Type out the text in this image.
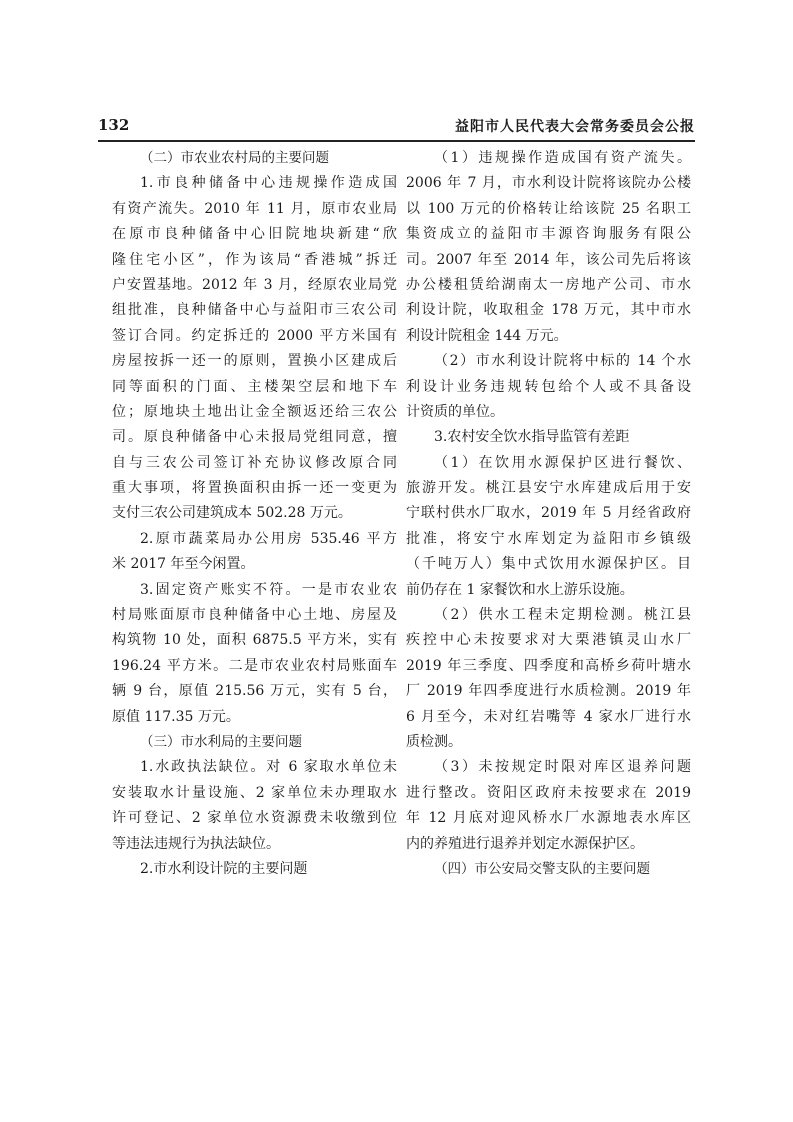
132	益阳市人民代表大会常务委员会公报
（二）市农业农村局的主要问题
1.市良种储备中心违规操作造成国
有资产流失。2010 年 11 月，原市农业局
在原市良种储备中心旧院地块新建“欣
隆住宅小区”，作为该局“香港城”拆迁
户安置基地。2012 年 3 月，经原农业局党
组批准，良种储备中心与益阳市三农公司
签订合同。约定拆迁的 2000 平方米国有
房屋按拆一还一的原则，置换小区建成后
同等面积的门面、主楼架空层和地下车
位；原地块土地出让金全额返还给三农公
司。原良种储备中心未报局党组同意，擅
自与三农公司签订补充协议修改原合同
重大事项，将置换面积由拆一还一变更为
支付三农公司建筑成本 502.28 万元。
2.原市蔬菜局办公用房 535.46 平方
米 2017 年至今闲置。
3.固定资产账实不符。一是市农业农
村局账面原市良种储备中心土地、房屋及
构筑物 10 处，面积 6875.5 平方米，实有
196.24 平方米。二是市农业农村局账面车
辆 9 台，原值 215.56 万元，实有 5 台，
原值 117.35 万元。
（三）市水利局的主要问题
1.水政执法缺位。对 6 家取水单位未
安装取水计量设施、2 家单位未办理取水
许可登记、2 家单位水资源费未收缴到位
等违法违规行为执法缺位。
2.市水利设计院的主要问题
（1）违规操作造成国有资产流失。
2006 年 7 月，市水利设计院将该院办公楼
以 100 万元的价格转让给该院 25 名职工
集资成立的益阳市丰源咨询服务有限公
司。2007 年至 2014 年，该公司先后将该
办公楼租赁给湖南太一房地产公司、市水
利设计院，收取租金 178 万元，其中市水
利设计院租金 144 万元。
（2）市水利设计院将中标的 14 个水
利设计业务违规转包给个人或不具备设
计资质的单位。
3.农村安全饮水指导监管有差距
（1）在饮用水源保护区进行餐饮、
旅游开发。桃江县安宁水库建成后用于安
宁联村供水厂取水，2019 年 5 月经省政府
批准，将安宁水库划定为益阳市乡镇级
（千吨万人）集中式饮用水源保护区。目
前仍存在 1 家餐饮和水上游乐设施。
（2）供水工程未定期检测。桃江县
疾控中心未按要求对大栗港镇灵山水厂
2019 年三季度、四季度和高桥乡荷叶塘水
厂 2019 年四季度进行水质检测。2019 年
6 月至今，未对红岩嘴等 4 家水厂进行水
质检测。
（3）未按规定时限对库区退养问题
进行整改。资阳区政府未按要求在 2019
年 12 月底对迎风桥水厂水源地表水库区
内的养殖进行退养并划定水源保护区。
（四）市公安局交警支队的主要问题
